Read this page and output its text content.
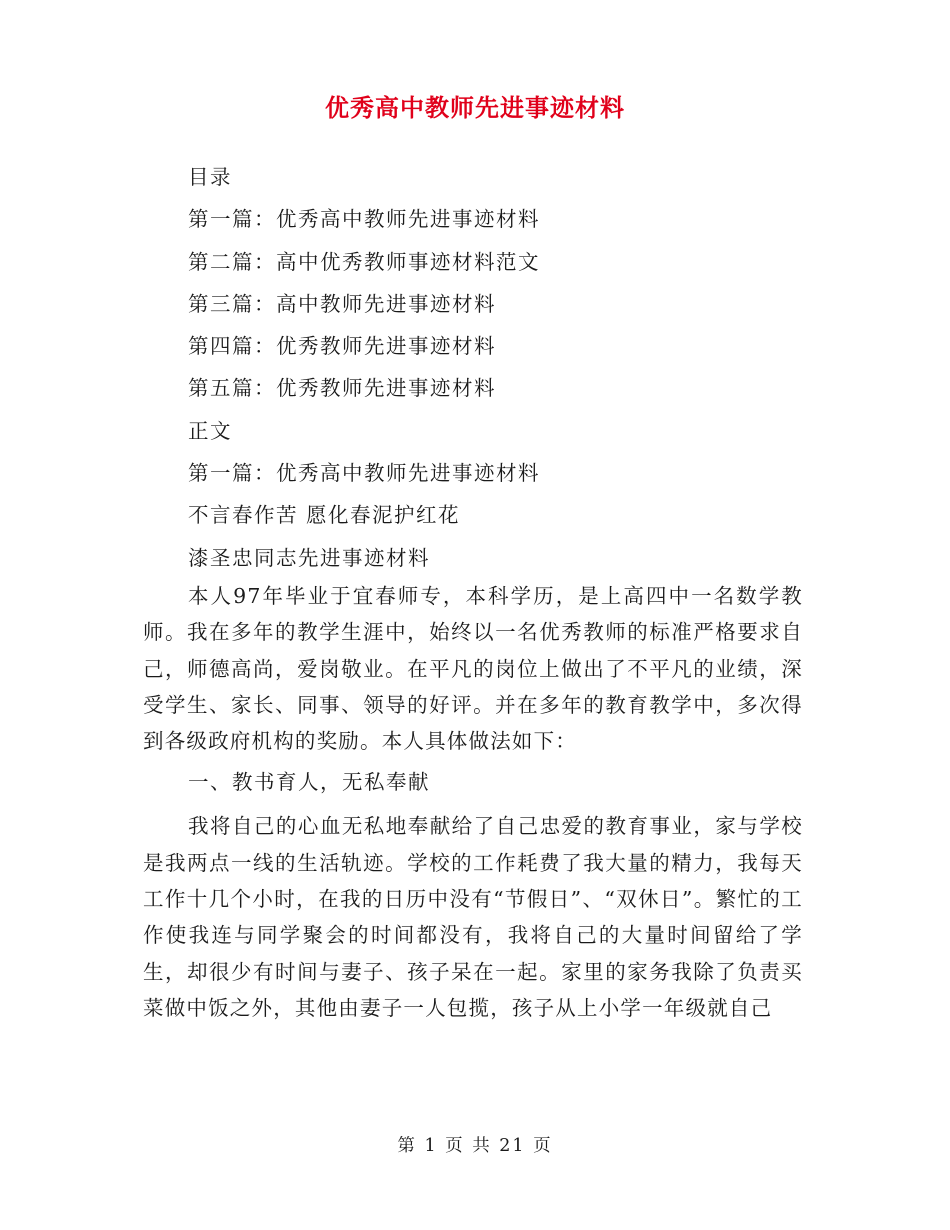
优秀高中教师先进事迹材料
目录
第一篇：优秀高中教师先进事迹材料
第二篇：高中优秀教师事迹材料范文
第三篇：高中教师先进事迹材料
第四篇：优秀教师先进事迹材料
第五篇：优秀教师先进事迹材料
正文
第一篇：优秀高中教师先进事迹材料
不言春作苦 愿化春泥护红花
漆圣忠同志先进事迹材料

本人97年毕业于宜春师专，本科学历，是上高四中一名数学教师。我在多年的教学生涯中，始终以一名优秀教师的标准严格要求自己，师德高尚，爱岗敬业。在平凡的岗位上做出了不平凡的业绩，深受学生、家长、同事、领导的好评。并在多年的教育教学中，多次得到各级政府机构的奖励。本人具体做法如下：

一、教书育人，无私奉献

我将自己的心血无私地奉献给了自己忠爱的教育事业，家与学校是我两点一线的生活轨迹。学校的工作耗费了我大量的精力，我每天工作十几个小时，在我的日历中没有“节假日”、“双休日”。繁忙的工作使我连与同学聚会的时间都没有，我将自己的大量时间留给了学生，却很少有时间与妻子、孩子呆在一起。家里的家务我除了负责买菜做中饭之外，其他由妻子一人包揽，孩子从上小学一年级就自己

第 1 页 共 21 页
